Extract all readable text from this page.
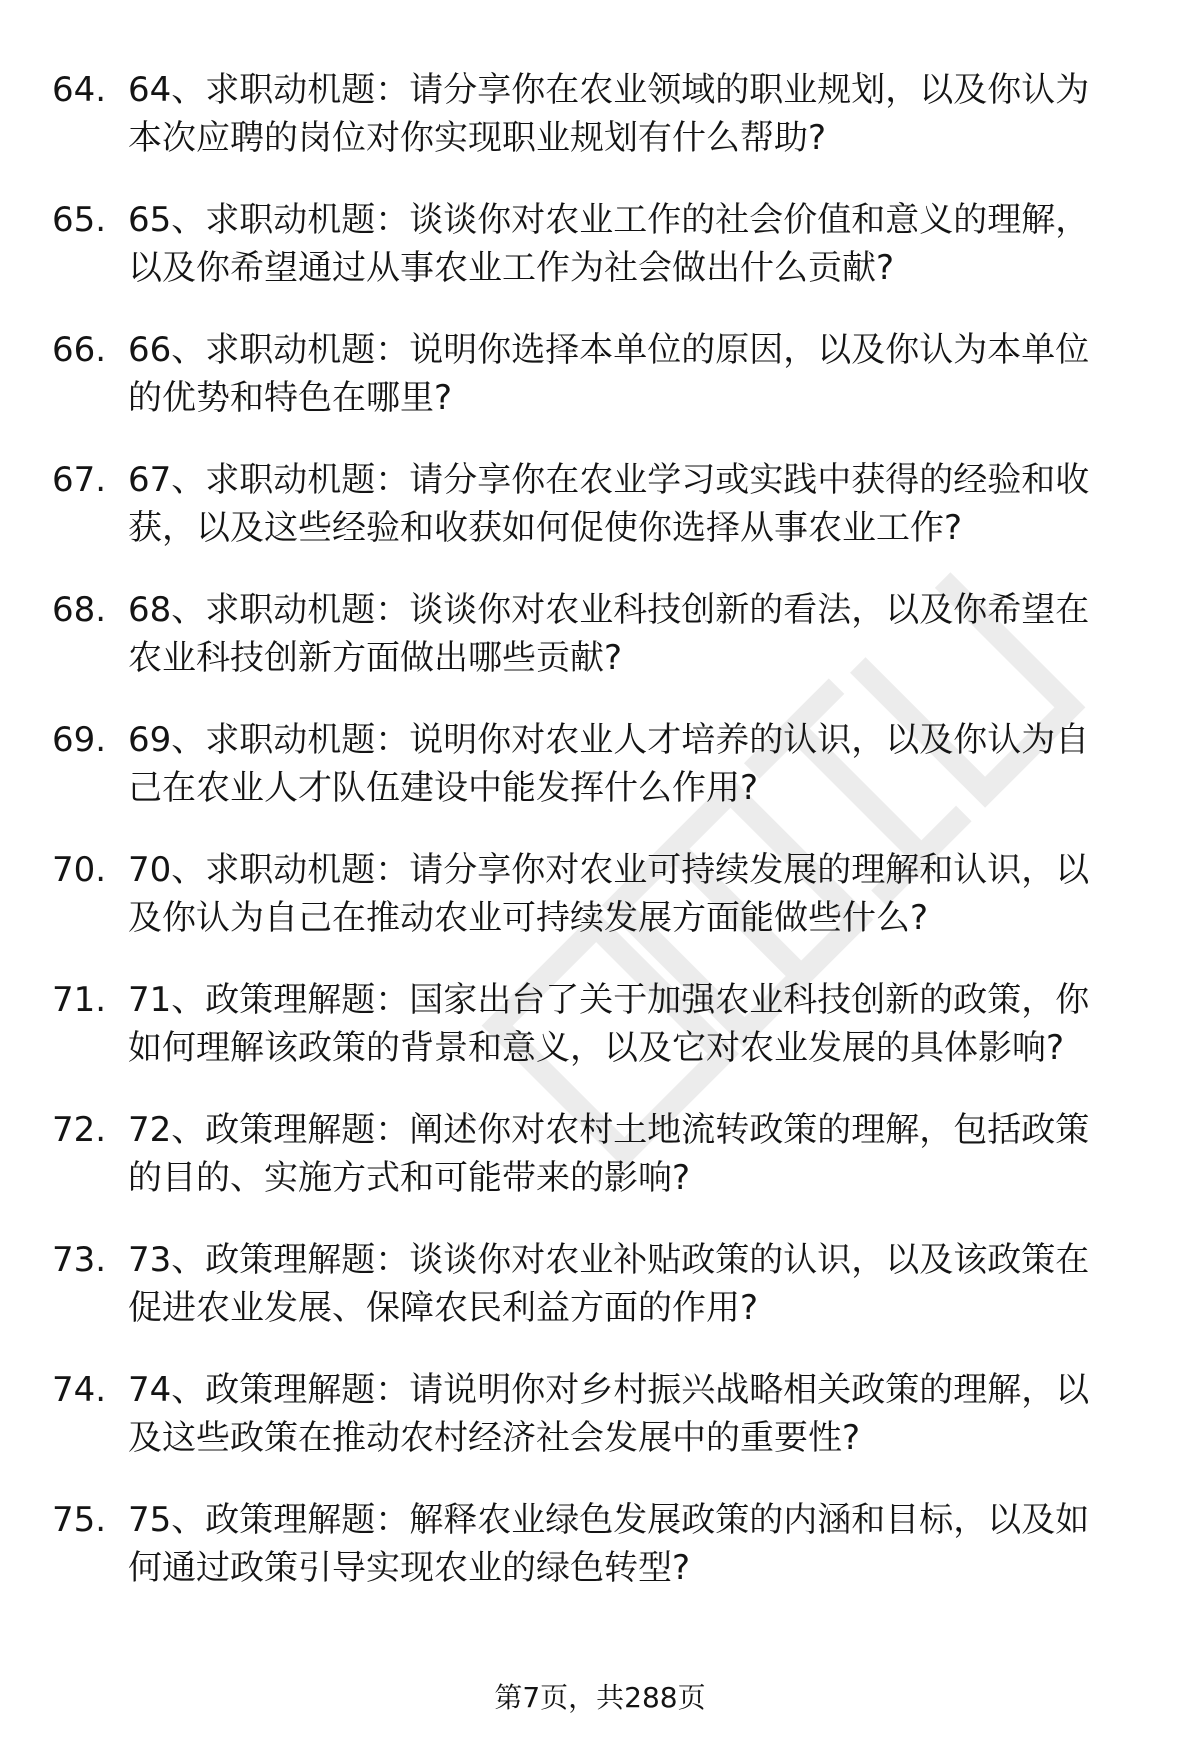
64. 64、求职动机题：请分享你在农业领域的职业规划，以及你认为
本次应聘的岗位对你实现职业规划有什么帮助?
65. 65、求职动机题：谈谈你对农业工作的社会价值和意义的理解，
以及你希望通过从事农业工作为社会做出什么贡献?
66. 66、求职动机题：说明你选择本单位的原因，以及你认为本单位
的优势和特色在哪里?
67. 67、求职动机题：请分享你在农业学习或实践中获得的经验和收
获，以及这些经验和收获如何促使你选择从事农业工作?
68. 68、求职动机题：谈谈你对农业科技创新的看法，以及你希望在
农业科技创新方面做出哪些贡献?
69. 69、求职动机题：说明你对农业人才培养的认识，以及你认为自
己在农业人才队伍建设中能发挥什么作用?
70. 70、求职动机题：请分享你对农业可持续发展的理解和认识，以
及你认为自己在推动农业可持续发展方面能做些什么?
71. 71、政策理解题：国家出台了关于加强农业科技创新的政策，你
如何理解该政策的背景和意义，以及它对农业发展的具体影响?
72. 72、政策理解题：阐述你对农村土地流转政策的理解，包括政策
的目的、实施方式和可能带来的影响?
73. 73、政策理解题：谈谈你对农业补贴政策的认识，以及该政策在
促进农业发展、保障农民利益方面的作用?
74. 74、政策理解题：请说明你对乡村振兴战略相关政策的理解，以
及这些政策在推动农村经济社会发展中的重要性?
75. 75、政策理解题：解释农业绿色发展政策的内涵和目标，以及如
何通过政策引导实现农业的绿色转型?
第7页，共288页
